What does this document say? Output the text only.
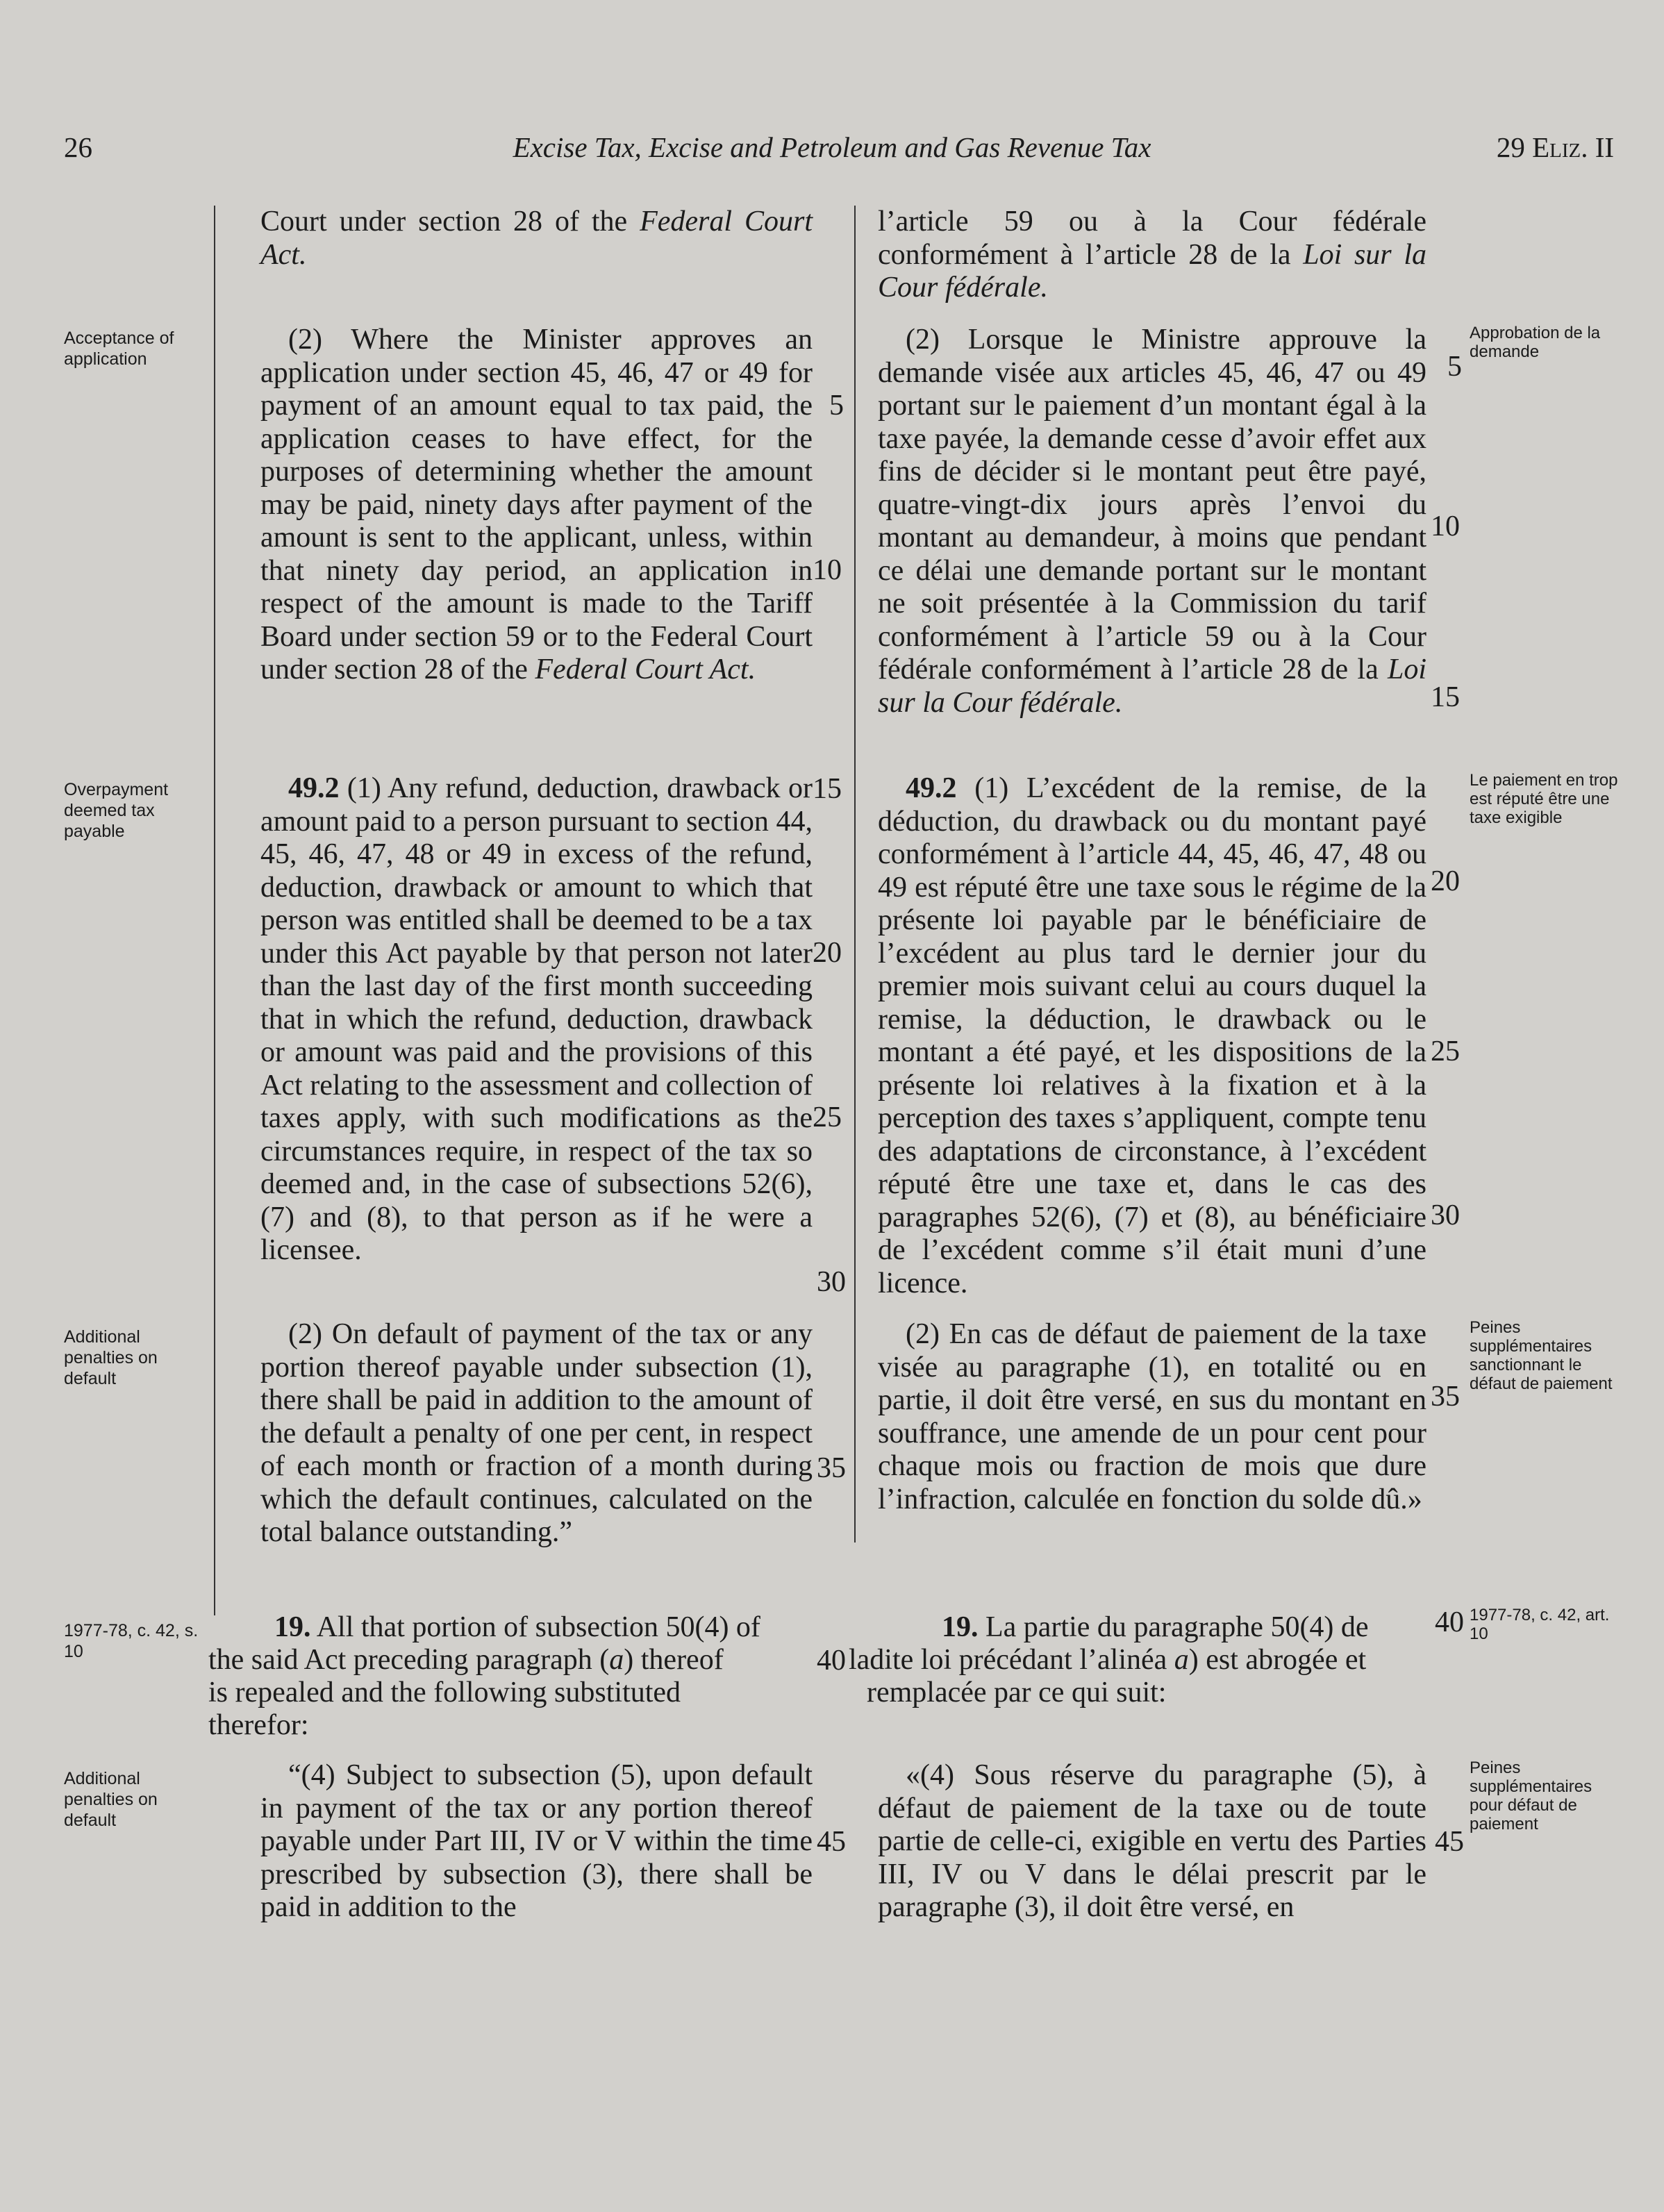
26	Excise Tax, Excise and Petroleum and Gas Revenue Tax	29 Eliz. II
Acceptance of application
Overpayment deemed tax payable
Additional penalties on default
1977-78, c. 42, s. 10
Additional penalties on default
Approbation de la demande
Le paiement en trop est réputé être une taxe exigible
Peines supplémentaires sanctionnant le défaut de paiement
1977-78, c. 42, art. 10
Peines supplémentaires pour défaut de paiement

Court under section 28 of the Federal Court Act.

(2) Where the Minister approves an application under section 45, 46, 47 or 49 for payment of an amount equal to tax paid, the application ceases to have effect, for the purposes of determining whether the amount may be paid, ninety days after payment of the amount is sent to the applicant, unless, within that ninety day period, an application in respect of the amount is made to the Tariff Board under section 59 or to the Federal Court under section 28 of the Federal Court Act.

49.2 (1) Any refund, deduction, drawback or amount paid to a person pursuant to section 44, 45, 46, 47, 48 or 49 in excess of the refund, deduction, drawback or amount to which that person was entitled shall be deemed to be a tax under this Act payable by that person not later than the last day of the first month succeeding that in which the refund, deduction, drawback or amount was paid and the provisions of this Act relating to the assessment and collection of taxes apply, with such modifications as the circumstances require, in respect of the tax so deemed and, in the case of subsections 52(6), (7) and (8), to that person as if he were a licensee.

(2) On default of payment of the tax or any portion thereof payable under subsection (1), there shall be paid in addition to the amount of the default a penalty of one per cent, in respect of each month or fraction of a month during which the default continues, calculated on the total balance outstanding.”

“(4) Subject to subsection (5), upon default in payment of the tax or any portion thereof payable under Part III, IV or V within the time prescribed by subsection (3), there shall be paid in addition to the

l’article 59 ou à la Cour fédérale conformément à l’article 28 de la Loi sur la Cour fédérale.

(2) Lorsque le Ministre approuve la demande visée aux articles 45, 46, 47 ou 49 portant sur le paiement d’un montant égal à la taxe payée, la demande cesse d’avoir effet aux fins de décider si le montant peut être payé, quatre-vingt-dix jours après l’envoi du montant au demandeur, à moins que pendant ce délai une demande portant sur le montant ne soit présentée à la Commission du tarif conformément à l’article 59 ou à la Cour fédérale conformément à l’article 28 de la Loi sur la Cour fédérale.

49.2 (1) L’excédent de la remise, de la déduction, du drawback ou du montant payé conformément à l’article 44, 45, 46, 47, 48 ou 49 est réputé être une taxe sous le régime de la présente loi payable par le bénéficiaire de l’excédent au plus tard le dernier jour du premier mois suivant celui au cours duquel la remise, la déduction, le drawback ou le montant a été payé, et les dispositions de la présente loi relatives à la fixation et à la perception des taxes s’appliquent, compte tenu des adaptations de circonstance, à l’excédent réputé être une taxe et, dans le cas des paragraphes 52(6), (7) et (8), au bénéficiaire de l’excédent comme s’il était muni d’une licence.

(2) En cas de défaut de paiement de la taxe visée au paragraphe (1), en totalité ou en partie, il doit être versé, en sus du montant en souffrance, une amende de un pour cent pour chaque mois ou fraction de mois que dure l’infraction, calculée en fonction du solde dû.»

«(4) Sous réserve du paragraphe (5), à défaut de paiement de la taxe ou de toute partie de celle-ci, exigible en vertu des Parties III, IV ou V dans le délai prescrit par le paragraphe (3), il doit être versé, en

19. All that portion of subsection 50(4) of
the said Act preceding paragraph (a) thereof
is repealed and the following substituted
therefor:
19. La partie du paragraphe 50(4) de
ladite loi précédant l’alinéa a) est abrogée et
remplacée par ce qui suit:
5
10
15
20
25
30
35
40
45
5
10
15
20
25
30
35
40
45
